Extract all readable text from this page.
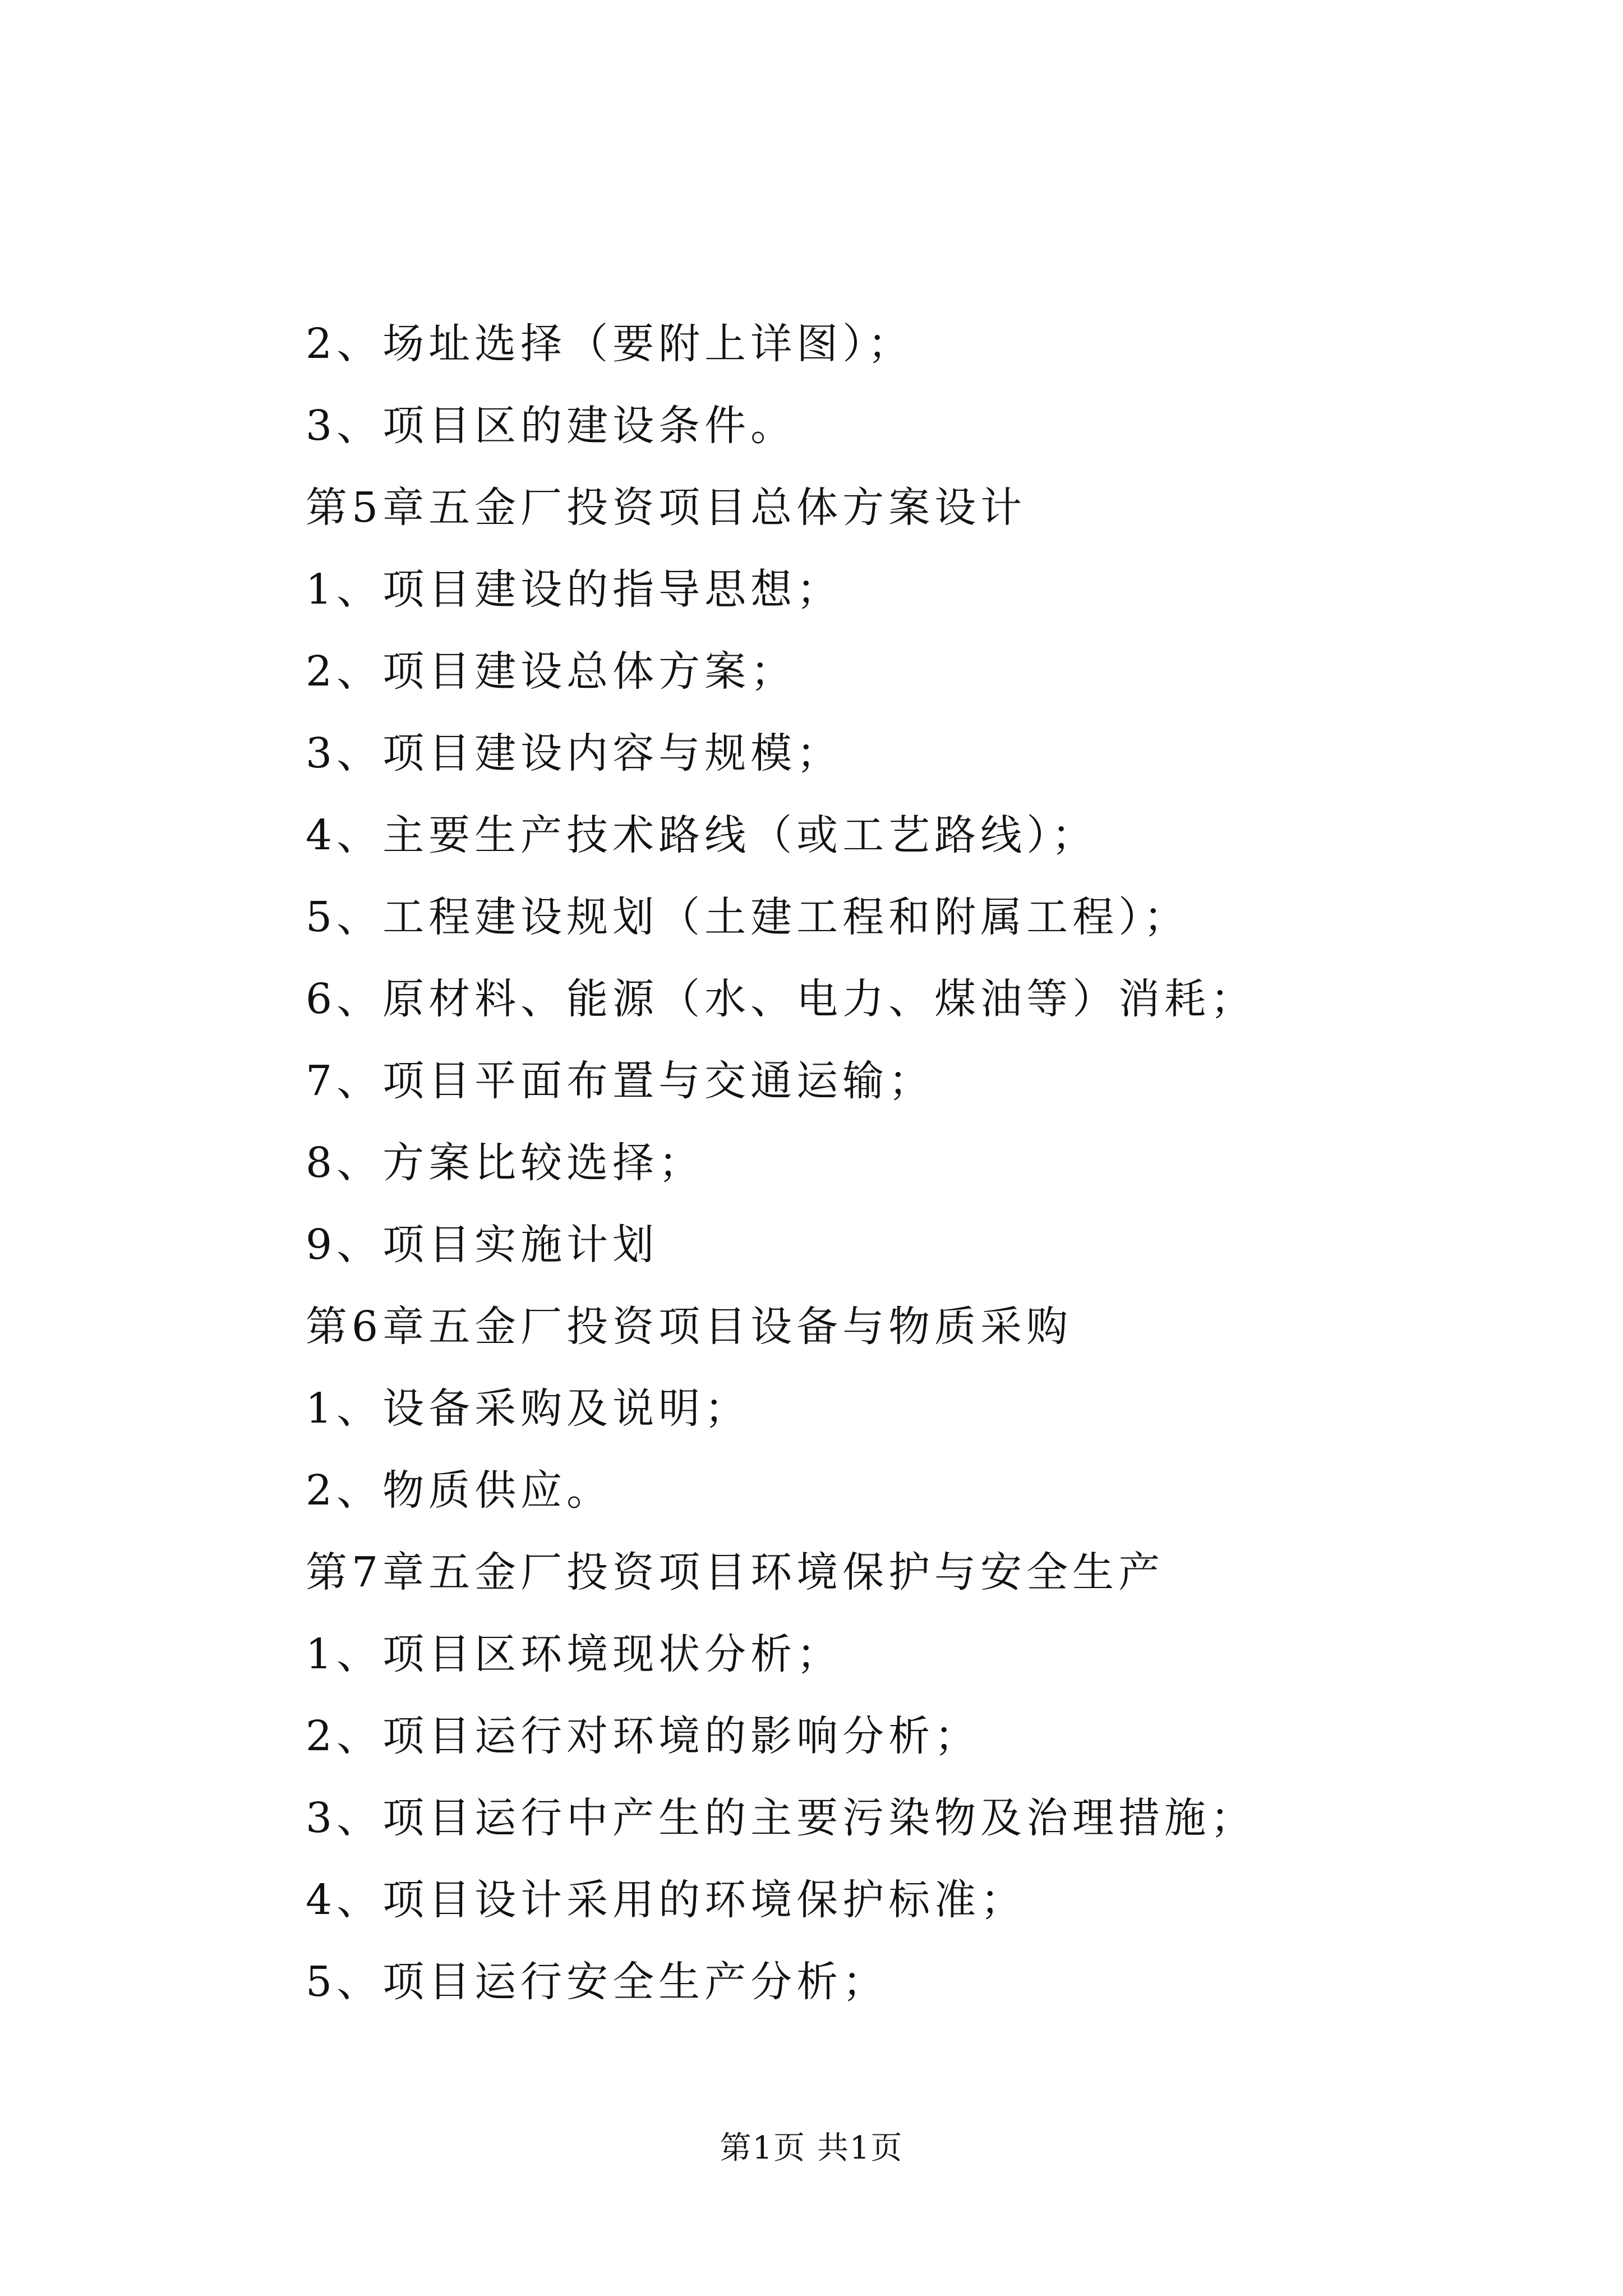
2、场址选择（要附上详图）；
3、项目区的建设条件。
第5章五金厂投资项目总体方案设计
1、项目建设的指导思想；
2、项目建设总体方案；
3、项目建设内容与规模；
4、主要生产技术路线（或工艺路线）；
5、工程建设规划（土建工程和附属工程）；
6、原材料、能源（水、电力、煤油等）消耗；
7、项目平面布置与交通运输；
8、方案比较选择；
9、项目实施计划
第6章五金厂投资项目设备与物质采购
1、设备采购及说明；
2、物质供应。
第7章五金厂投资项目环境保护与安全生产
1、项目区环境现状分析；
2、项目运行对环境的影响分析；
3、项目运行中产生的主要污染物及治理措施；
4、项目设计采用的环境保护标准；
5、项目运行安全生产分析；
第1页 共1页
